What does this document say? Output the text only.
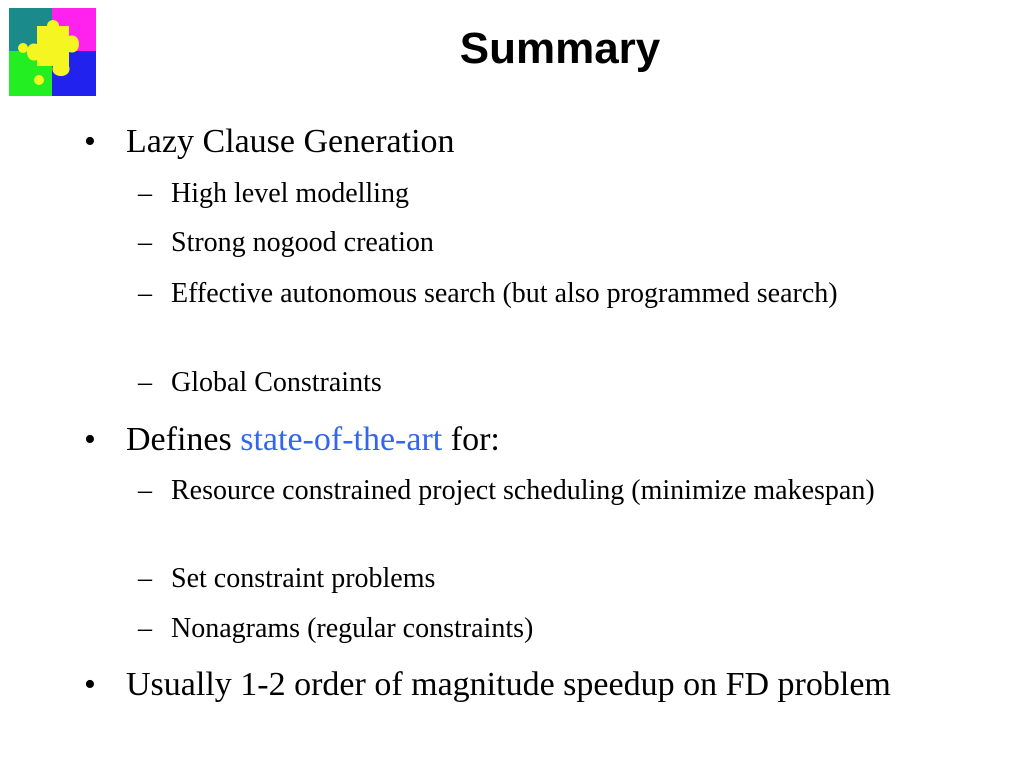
Summary
• Lazy Clause Generation
– High level modelling
– Strong nogood creation
– Effective autonomous search (but also programmed search)
– Global Constraints
• Defines state-of-the-art for:
– Resource constrained project scheduling (minimize makespan)
– Set constraint problems
– Nonagrams (regular constraints)
• Usually 1-2 order of magnitude speedup on FD problem
